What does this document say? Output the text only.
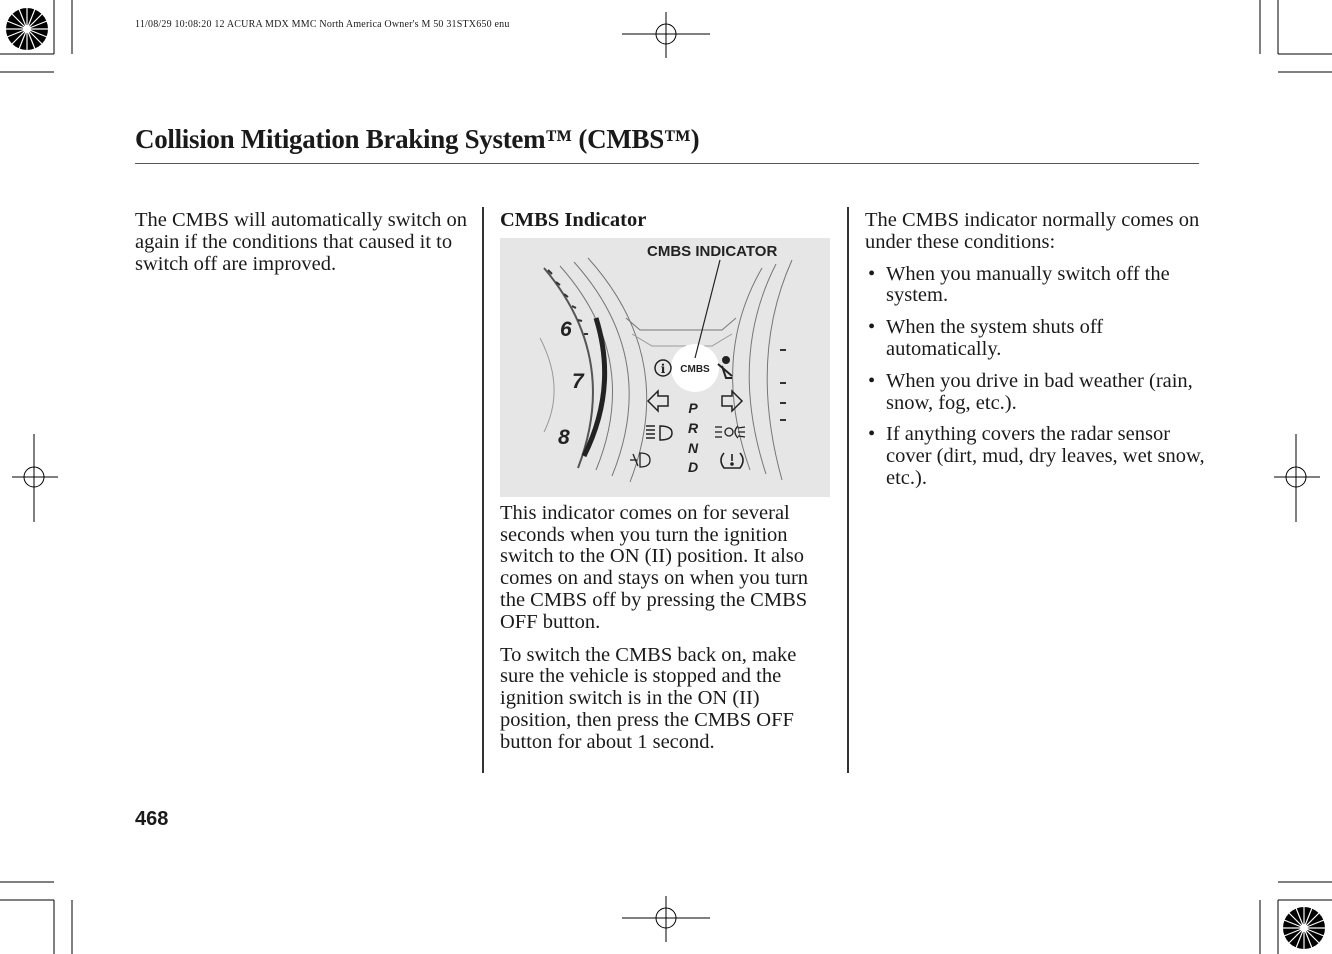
11/08/29 10:08:20 12 ACURA MDX MMC North America Owner's M 50 31STX650 enu
Collision Mitigation Braking System™ (CMBS™)

The CMBS will automatically switch on again if the conditions that caused it to switch off are improved.

CMBS Indicator
6
7
8
CMBS
i
P
R
N
D
CMBS INDICATOR

This indicator comes on for several seconds when you turn the ignition switch to the ON (II) position. It also comes on and stays on when you turn the CMBS off by pressing the CMBS OFF button.

To switch the CMBS back on, make sure the vehicle is stopped and the ignition switch is in the ON (II) position, then press the CMBS OFF button for about 1 second.

The CMBS indicator normally comes on under these conditions:

• When you manually switch off the system.
• When the system shuts off automatically.
• When you drive in bad weather (rain, snow, fog, etc.).
• If anything covers the radar sensor cover (dirt, mud, dry leaves, wet snow, etc.).
468
